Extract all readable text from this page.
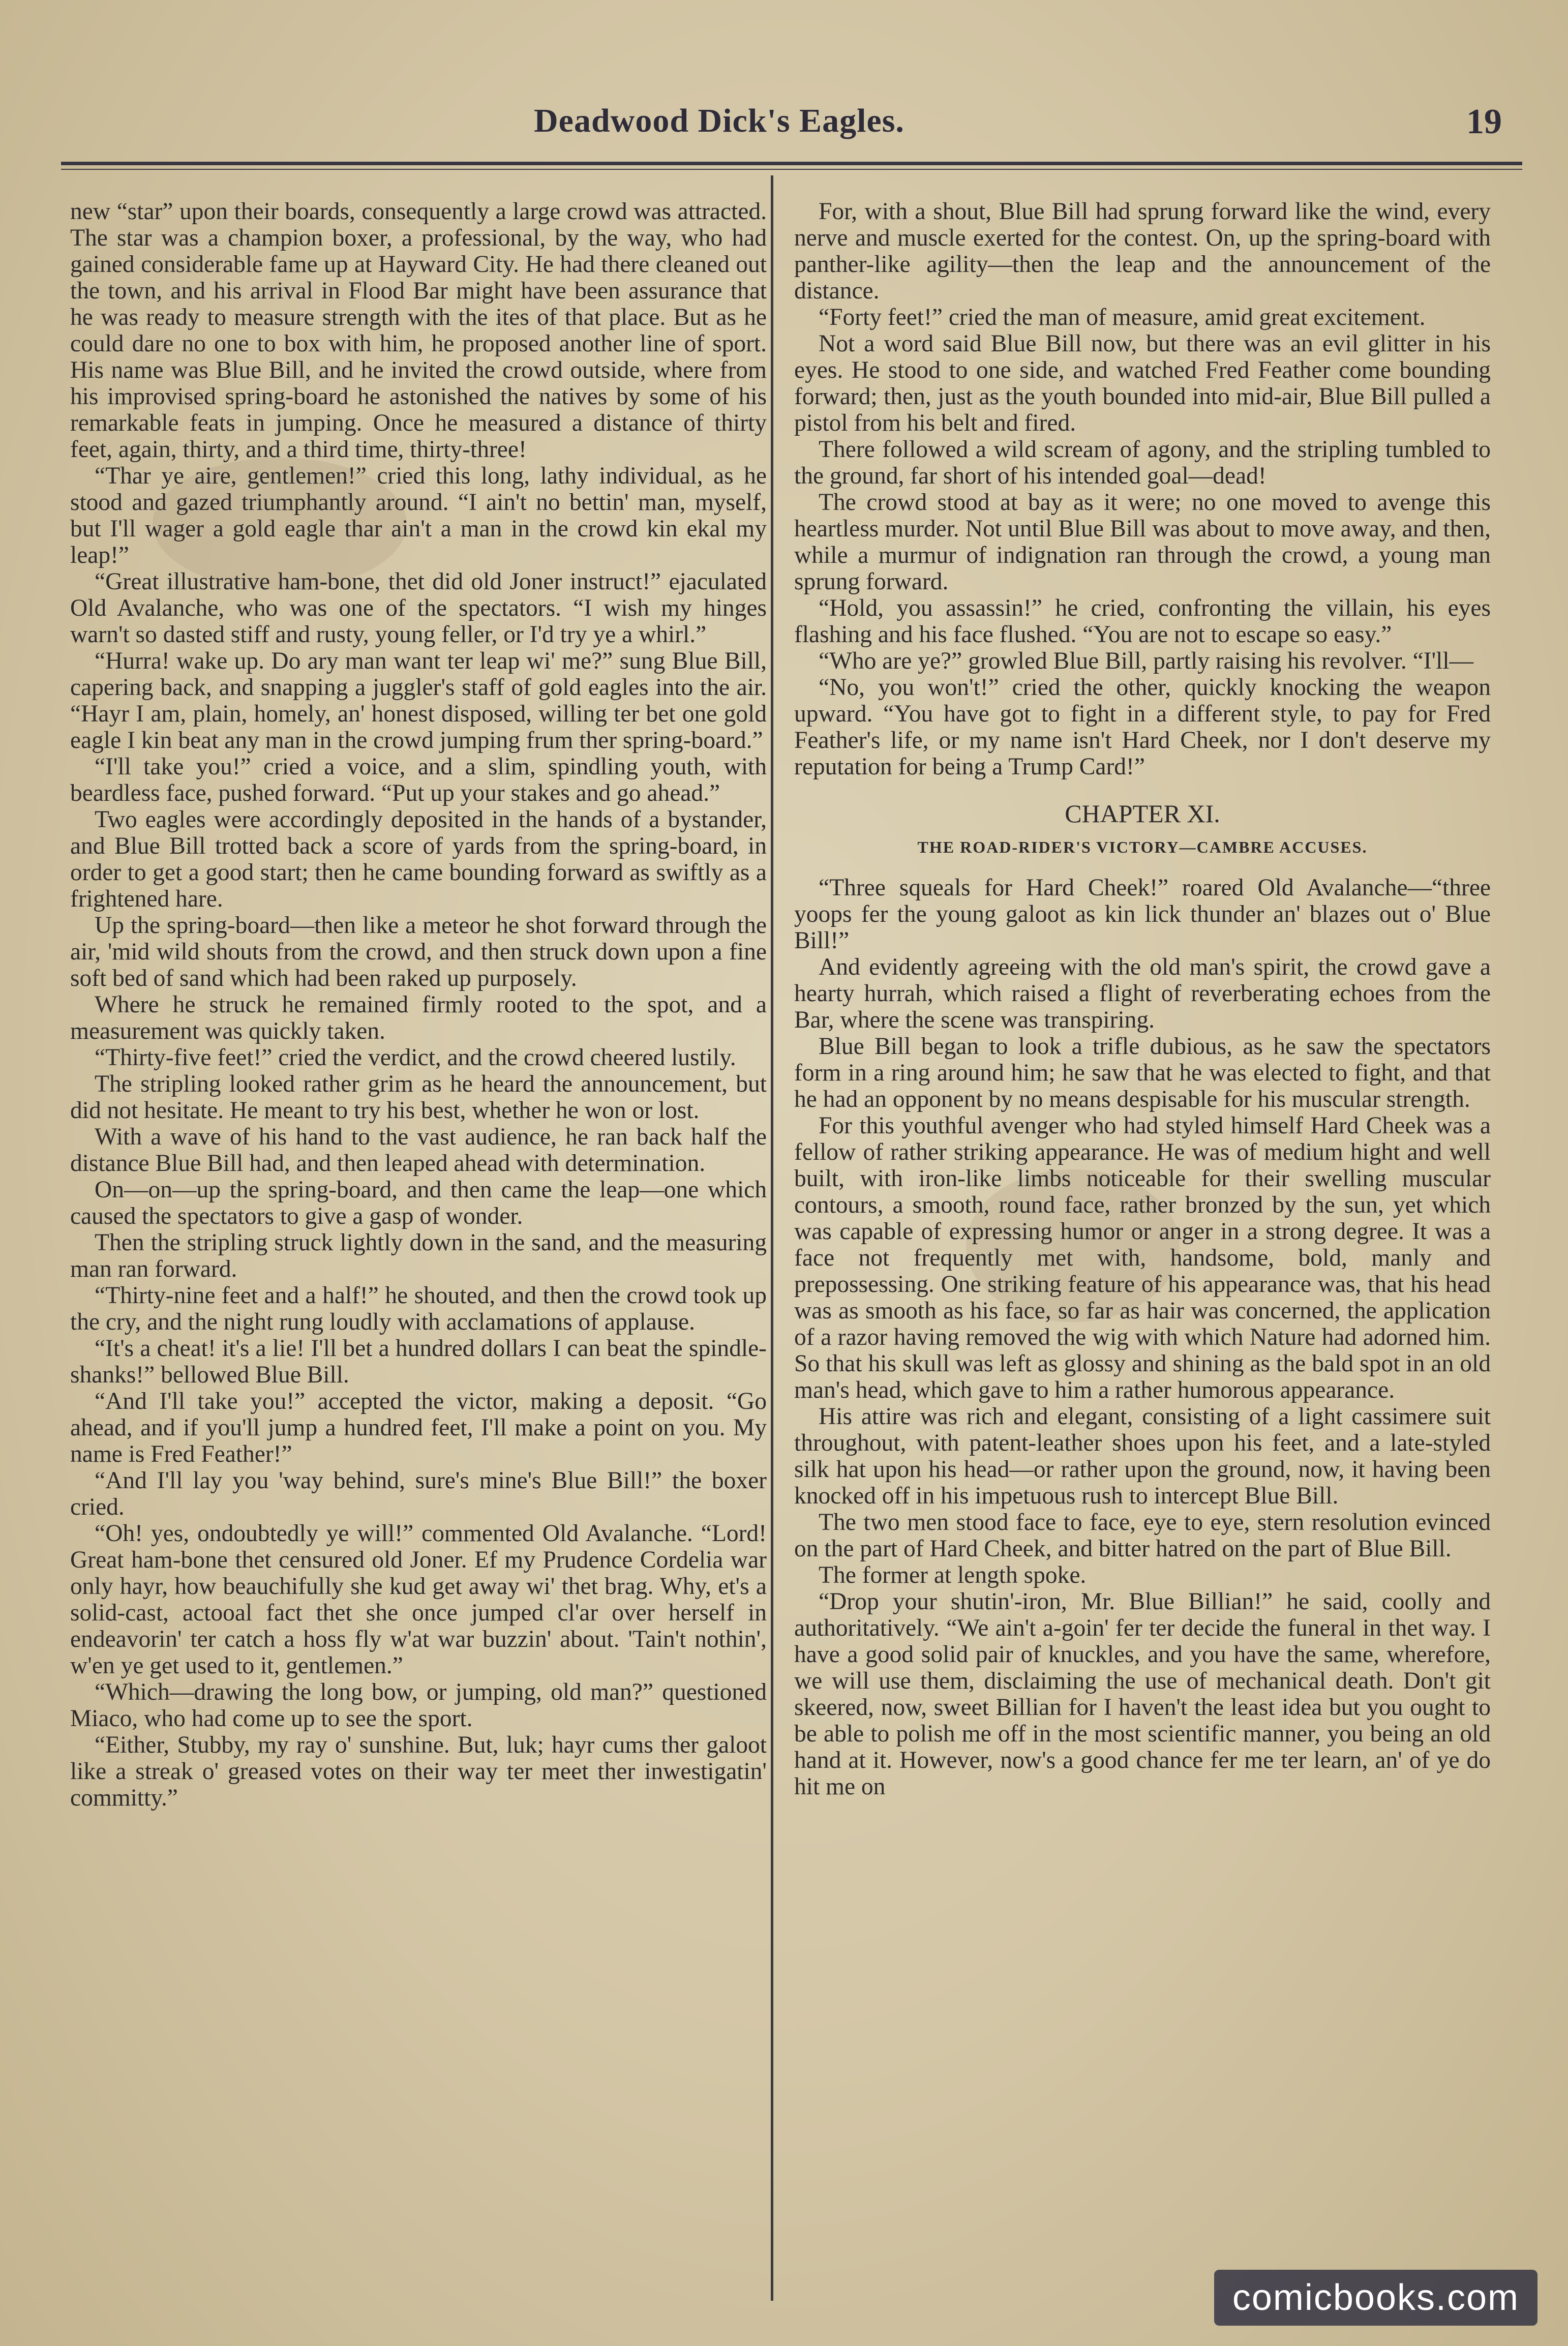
Deadwood Dick's Eagles.	19

new “star” upon their boards, consequently a large crowd was attracted. The star was a champion boxer, a professional, by the way, who had gained considerable fame up at Hayward City. He had there cleaned out the town, and his arrival in Flood Bar might have been assurance that he was ready to measure strength with the ites of that place. But as he could dare no one to box with him, he proposed another line of sport. His name was Blue Bill, and he invited the crowd outside, where from his improvised spring-board he astonished the natives by some of his remarkable feats in jumping. Once he measured a distance of thirty feet, again, thirty, and a third time, thirty-three!

“Thar ye aire, gentlemen!” cried this long, lathy individual, as he stood and gazed triumphantly around. “I ain't no bettin' man, myself, but I'll wager a gold eagle thar ain't a man in the crowd kin ekal my leap!”

“Great illustrative ham-bone, thet did old Joner instruct!” ejaculated Old Avalanche, who was one of the spectators. “I wish my hinges warn't so dasted stiff and rusty, young feller, or I'd try ye a whirl.”

“Hurra! wake up. Do ary man want ter leap wi' me?” sung Blue Bill, capering back, and snapping a juggler's staff of gold eagles into the air. “Hayr I am, plain, homely, an' honest disposed, willing ter bet one gold eagle I kin beat any man in the crowd jumping frum ther spring-board.”

“I'll take you!” cried a voice, and a slim, spindling youth, with beardless face, pushed forward. “Put up your stakes and go ahead.”

Two eagles were accordingly deposited in the hands of a bystander, and Blue Bill trotted back a score of yards from the spring-board, in order to get a good start; then he came bounding forward as swiftly as a frightened hare.

Up the spring-board—then like a meteor he shot forward through the air, 'mid wild shouts from the crowd, and then struck down upon a fine soft bed of sand which had been raked up purposely.

Where he struck he remained firmly rooted to the spot, and a measurement was quickly taken.

“Thirty-five feet!” cried the verdict, and the crowd cheered lustily.

The stripling looked rather grim as he heard the announcement, but did not hesitate. He meant to try his best, whether he won or lost.

With a wave of his hand to the vast audience, he ran back half the distance Blue Bill had, and then leaped ahead with determination.

On—on—up the spring-board, and then came the leap—one which caused the spectators to give a gasp of wonder.

Then the stripling struck lightly down in the sand, and the measuring man ran forward.

“Thirty-nine feet and a half!” he shouted, and then the crowd took up the cry, and the night rung loudly with acclamations of applause.

“It's a cheat! it's a lie! I'll bet a hundred dollars I can beat the spindle-shanks!” bellowed Blue Bill.

“And I'll take you!” accepted the victor, making a deposit. “Go ahead, and if you'll jump a hundred feet, I'll make a point on you. My name is Fred Feather!”

“And I'll lay you 'way behind, sure's mine's Blue Bill!” the boxer cried.

“Oh! yes, ondoubtedly ye will!” commented Old Avalanche. “Lord! Great ham-bone thet censured old Joner. Ef my Prudence Cordelia war only hayr, how beauchifully she kud get away wi' thet brag. Why, et's a solid-cast, actooal fact thet she once jumped cl'ar over herself in endeavorin' ter catch a hoss fly w'at war buzzin' about. 'Tain't nothin', w'en ye get used to it, gentlemen.”

“Which—drawing the long bow, or jumping, old man?” questioned Miaco, who had come up to see the sport.

“Either, Stubby, my ray o' sunshine. But, luk; hayr cums ther galoot like a streak o' greased votes on their way ter meet ther inwestigatin' committy.”

For, with a shout, Blue Bill had sprung forward like the wind, every nerve and muscle exerted for the contest. On, up the spring-board with panther-like agility—then the leap and the announcement of the distance.

“Forty feet!” cried the man of measure, amid great excitement.

Not a word said Blue Bill now, but there was an evil glitter in his eyes. He stood to one side, and watched Fred Feather come bounding forward; then, just as the youth bounded into mid-air, Blue Bill pulled a pistol from his belt and fired.

There followed a wild scream of agony, and the stripling tumbled to the ground, far short of his intended goal—dead!

The crowd stood at bay as it were; no one moved to avenge this heartless murder. Not until Blue Bill was about to move away, and then, while a murmur of indignation ran through the crowd, a young man sprung forward.

“Hold, you assassin!” he cried, confronting the villain, his eyes flashing and his face flushed. “You are not to escape so easy.”

“Who are ye?” growled Blue Bill, partly raising his revolver. “I'll—

“No, you won't!” cried the other, quickly knocking the weapon upward. “You have got to fight in a different style, to pay for Fred Feather's life, or my name isn't Hard Cheek, nor I don't deserve my reputation for being a Trump Card!”

CHAPTER XI.
THE ROAD-RIDER'S VICTORY—CAMBRE ACCUSES.

“Three squeals for Hard Cheek!” roared Old Avalanche—“three yoops fer the young galoot as kin lick thunder an' blazes out o' Blue Bill!”

And evidently agreeing with the old man's spirit, the crowd gave a hearty hurrah, which raised a flight of reverberating echoes from the Bar, where the scene was transpiring.

Blue Bill began to look a trifle dubious, as he saw the spectators form in a ring around him; he saw that he was elected to fight, and that he had an opponent by no means despisable for his muscular strength.

For this youthful avenger who had styled himself Hard Cheek was a fellow of rather striking appearance. He was of medium hight and well built, with iron-like limbs noticeable for their swelling muscular contours, a smooth, round face, rather bronzed by the sun, yet which was capable of expressing humor or anger in a strong degree. It was a face not frequently met with, handsome, bold, manly and prepossessing. One striking feature of his appearance was, that his head was as smooth as his face, so far as hair was concerned, the application of a razor having removed the wig with which Nature had adorned him. So that his skull was left as glossy and shining as the bald spot in an old man's head, which gave to him a rather humorous appearance.

His attire was rich and elegant, consisting of a light cassimere suit throughout, with patent-leather shoes upon his feet, and a late-styled silk hat upon his head—or rather upon the ground, now, it having been knocked off in his impetuous rush to intercept Blue Bill.

The two men stood face to face, eye to eye, stern resolution evinced on the part of Hard Cheek, and bitter hatred on the part of Blue Bill.

The former at length spoke.

“Drop your shutin'-iron, Mr. Blue Billian!” he said, coolly and authoritatively. “We ain't a-goin' fer ter decide the funeral in thet way. I have a good solid pair of knuckles, and you have the same, wherefore, we will use them, disclaiming the use of mechanical death. Don't git skeered, now, sweet Billian for I haven't the least idea but you ought to be able to polish me off in the most scientific manner, you being an old hand at it. However, now's a good chance fer me ter learn, an' of ye do hit me on

comicbooks.com
